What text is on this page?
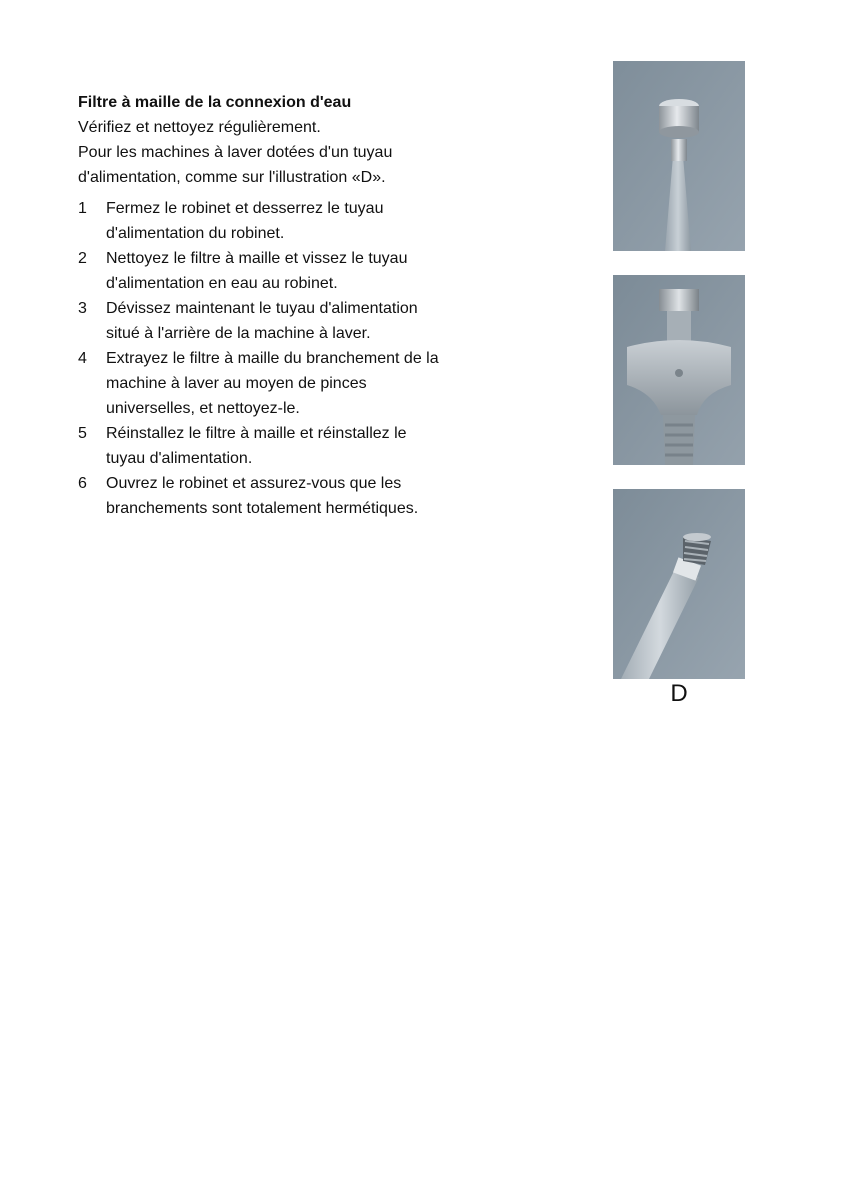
Filtre à maille de la connexion d'eau

Vérifiez et nettoyez régulièrement.

Pour les machines à laver dotées d'un tuyau

d'alimentation, comme sur l'illustration «D».

1	Fermez le robinet et desserrez le tuyau
d'alimentation du robinet.
2	Nettoyez le filtre à maille et vissez le tuyau
d'alimentation en eau au robinet.
3	Dévissez maintenant le tuyau d'alimentation
situé à l'arrière de la machine à laver.
4	Extrayez le filtre à maille du branchement de la
machine à laver au moyen de pinces
universelles, et nettoyez-le.
5	Réinstallez le filtre à maille et réinstallez le
tuyau d'alimentation.
6	Ouvrez le robinet et assurez-vous que les
branchements sont totalement hermétiques.
D
